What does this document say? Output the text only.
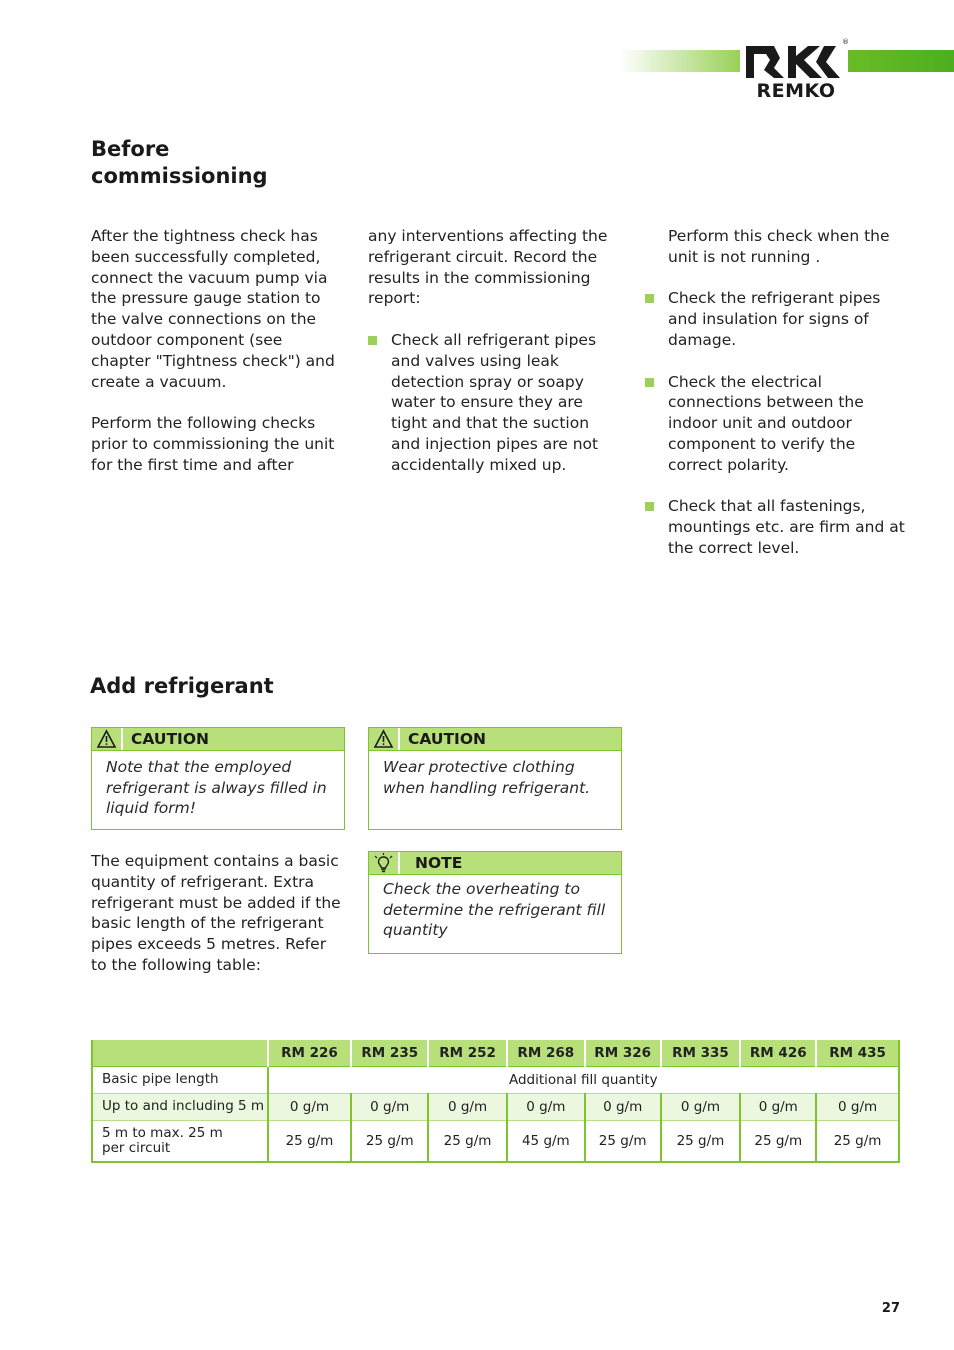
®
REMKO
Before
commissioning

After the tightness check has been successfully completed, connect the vacuum pump via the pressure gauge station to the valve connections on the outdoor component (see chapter "Tightness check") and create a vacuum.

Perform the following checks prior to commissioning the unit for the first time and after

any interventions affecting the refrigerant circuit. Record the results in the commissioning report:

Check all refrigerant pipes and valves using leak detection spray or soapy water to ensure they are tight and that the suction and injection pipes are not accidentally mixed up.

Perform this check when the unit is not running .

Check the refrigerant pipes and insulation for signs of damage.
Check the electrical connections between the indoor unit and outdoor component to verify the correct polarity.
Check that all fastenings, mountings etc. are firm and at the correct level.
Add refrigerant
CAUTION
Note that the employed refrigerant is always filled in liquid form!
CAUTION
Wear protective clothing when handling refrigerant.

The equipment contains a basic quantity of refrigerant. Extra refrigerant must be added if the basic length of the refrigerant pipes exceeds 5 metres. Refer to the following table:

NOTE
Check the overheating to determine the refrigerant fill quantity
	RM 226	RM 235	RM 252	RM 268	RM 326	RM 335	RM 426	RM 435
Basic pipe length	Additional fill quantity							
Up to and including 5 m	0 g/m	0 g/m	0 g/m	0 g/m	0 g/m	0 g/m	0 g/m	0 g/m
5 m to max. 25 m
per circuit	25 g/m	25 g/m	25 g/m	45 g/m	25 g/m	25 g/m	25 g/m	25 g/m
27
